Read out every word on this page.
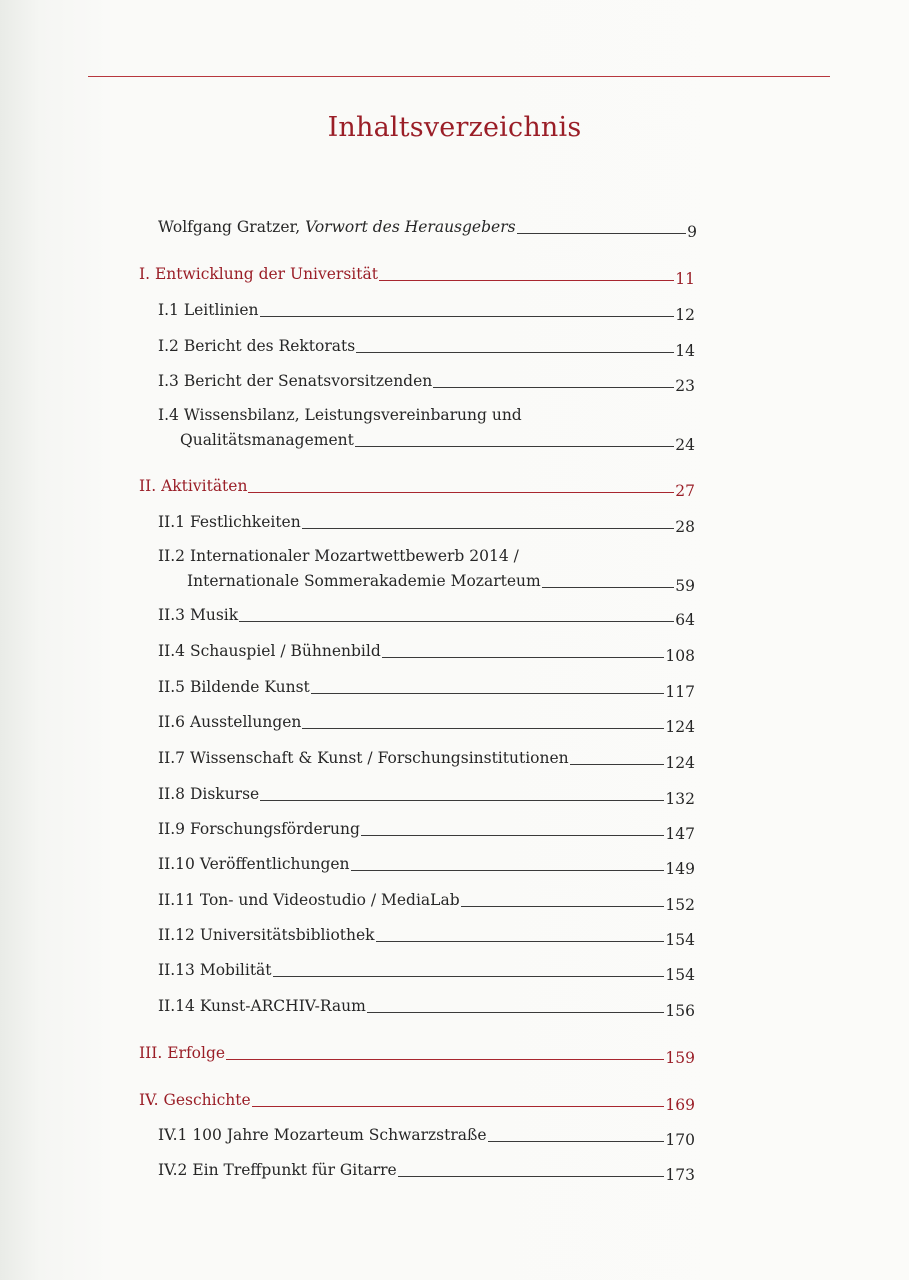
Inhaltsverzeichnis
Wolfgang Gratzer, Vorwort des Herausgebers	9
I. Entwicklung der Universität	11
I.1 Leitlinien	12
I.2 Bericht des Rektorats	14
I.3 Bericht der Senatsvorsitzenden	23
I.4 Wissensbilanz, Leistungsvereinbarung und
Qualitätsmanagement	24
II. Aktivitäten	27
II.1 Festlichkeiten	28
II.2 Internationaler Mozartwettbewerb 2014 /
Internationale Sommerakademie Mozarteum	59
II.3 Musik	64
II.4 Schauspiel / Bühnenbild	108
II.5 Bildende Kunst	117
II.6 Ausstellungen	124
II.7 Wissenschaft & Kunst / Forschungsinstitutionen	124
II.8 Diskurse	132
II.9 Forschungsförderung	147
II.10 Veröffentlichungen	149
II.11 Ton- und Videostudio / MediaLab	152
II.12 Universitätsbibliothek	154
II.13 Mobilität	154
II.14 Kunst-ARCHIV-Raum	156
III. Erfolge	159
IV. Geschichte	169
IV.1 100 Jahre Mozarteum Schwarzstraße	170
IV.2 Ein Treffpunkt für Gitarre	173
